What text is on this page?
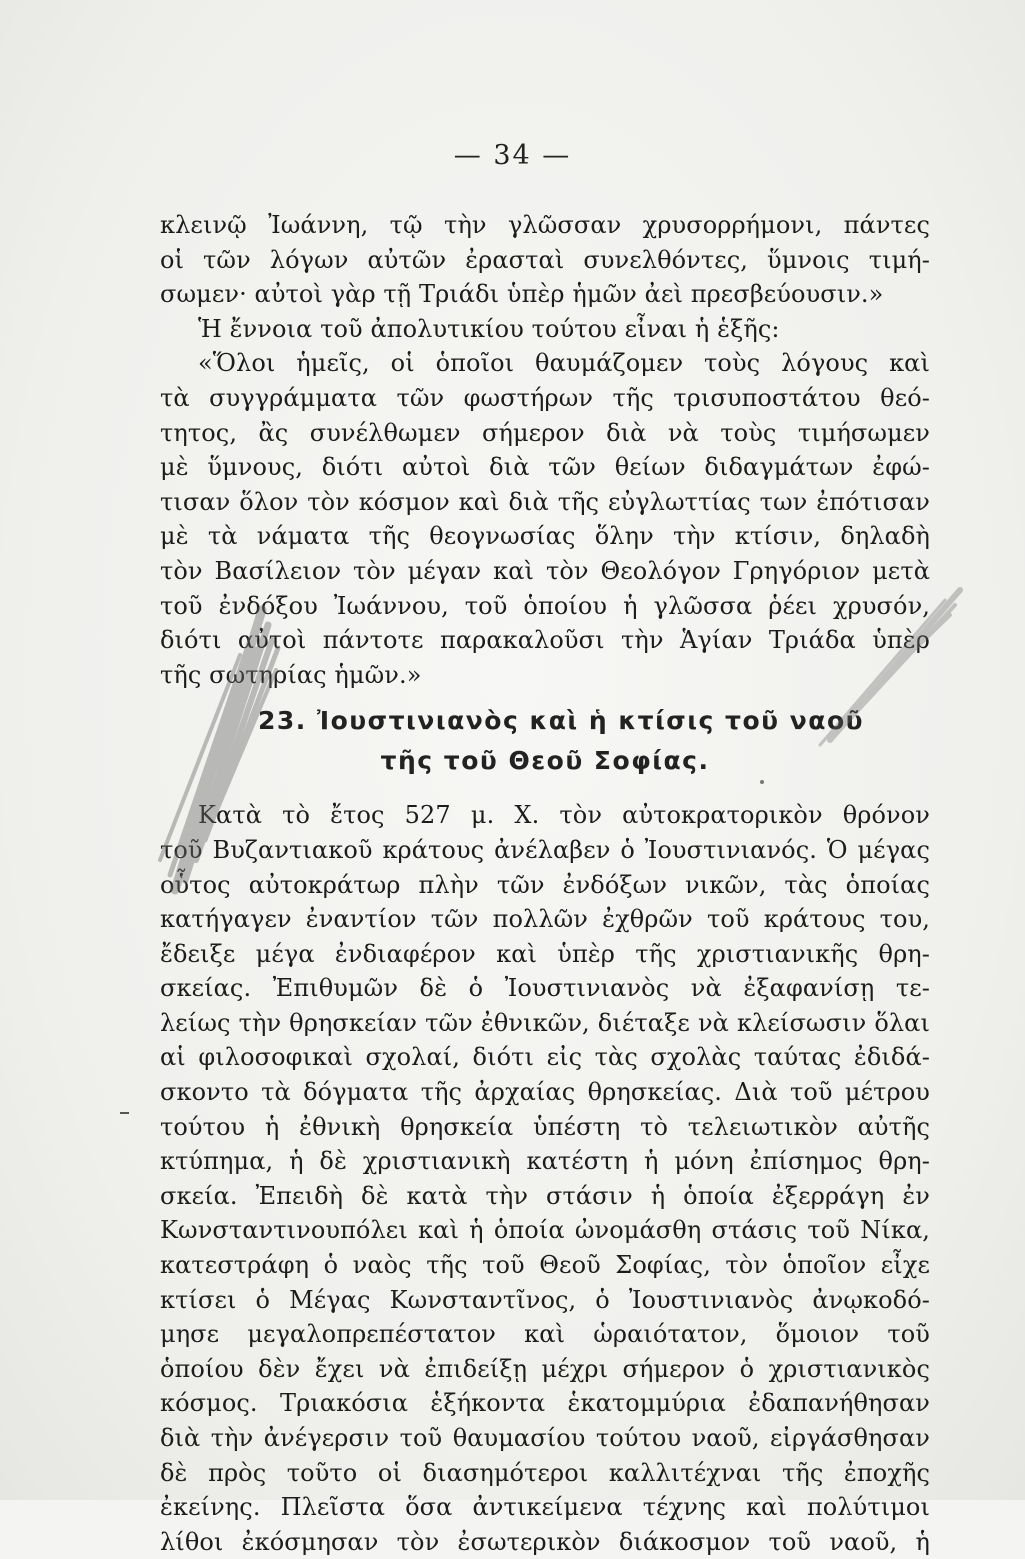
— 34 —
κλεινῷ Ἰωάννη, τῷ τὴν γλῶσσαν χρυσορρήμονι, πάντες
οἱ τῶν λόγων αὐτῶν ἐρασταὶ συνελθόντες, ὕμνοις τιμή-
σωμεν· αὐτοὶ γὰρ τῇ Τριάδι ὑπὲρ ἡμῶν ἀεὶ πρεσβεύουσιν.»
Ἡ ἔννοια τοῦ ἀπολυτικίου τούτου εἶναι ἡ ἑξῆς:
«Ὅλοι ἡμεῖς, οἱ ὁποῖοι θαυμάζομεν τοὺς λόγους καὶ
τὰ συγγράμματα τῶν φωστήρων τῆς τρισυποστάτου θεό-
τητος, ἂς συνέλθωμεν σήμερον διὰ νὰ τοὺς τιμήσωμεν
μὲ ὕμνους, διότι αὐτοὶ διὰ τῶν θείων διδαγμάτων ἐφώ-
τισαν ὅλον τὸν κόσμον καὶ διὰ τῆς εὐγλωττίας των ἐπότισαν
μὲ τὰ νάματα τῆς θεογνωσίας ὅλην τὴν κτίσιν, δηλαδὴ
τὸν Βασίλειον τὸν μέγαν καὶ τὸν Θεολόγον Γρηγόριον μετὰ
τοῦ ἐνδόξου Ἰωάννου, τοῦ ὁποίου ἡ γλῶσσα ῥέει χρυσόν,
διότι αὐτοὶ πάντοτε παρακαλοῦσι τὴν Ἁγίαν Τριάδα ὑπὲρ
τῆς σωτηρίας ἡμῶν.»
23. Ἰουστινιανὸς καὶ ἡ κτίσις τοῦ ναοῦ
τῆς τοῦ Θεοῦ Σοφίας.
Κατὰ τὸ ἔτος 527 μ. Χ. τὸν αὐτοκρατορικὸν θρόνον
τοῦ Βυζαντιακοῦ κράτους ἀνέλαβεν ὁ Ἰουστινιανός. Ὁ μέγας
οὗτος αὐτοκράτωρ πλὴν τῶν ἐνδόξων νικῶν, τὰς ὁποίας
κατήγαγεν ἐναντίον τῶν πολλῶν ἐχθρῶν τοῦ κράτους του,
ἔδειξε μέγα ἐνδιαφέρον καὶ ὑπὲρ τῆς χριστιανικῆς θρη-
σκείας. Ἐπιθυμῶν δὲ ὁ Ἰουστινιανὸς νὰ ἐξαφανίσῃ τε-
λείως τὴν θρησκείαν τῶν ἐθνικῶν, διέταξε νὰ κλείσωσιν ὅλαι
αἱ φιλοσοφικαὶ σχολαί, διότι εἰς τὰς σχολὰς ταύτας ἐδιδά-
σκοντο τὰ δόγματα τῆς ἀρχαίας θρησκείας. Διὰ τοῦ μέτρου
τούτου ἡ ἐθνικὴ θρησκεία ὑπέστη τὸ τελειωτικὸν αὐτῆς
κτύπημα, ἡ δὲ χριστιανικὴ κατέστη ἡ μόνη ἐπίσημος θρη-
σκεία. Ἐπειδὴ δὲ κατὰ τὴν στάσιν ἡ ὁποία ἐξερράγη ἐν
Κωνσταντινουπόλει καὶ ἡ ὁποία ὠνομάσθη στάσις τοῦ Νίκα,
κατεστράφη ὁ ναὸς τῆς τοῦ Θεοῦ Σοφίας, τὸν ὁποῖον εἶχε
κτίσει ὁ Μέγας Κωνσταντῖνος, ὁ Ἰουστινιανὸς ἀνῳκοδό-
μησε μεγαλοπρεπέστατον καὶ ὡραιότατον, ὅμοιον τοῦ
ὁποίου δὲν ἔχει νὰ ἐπιδείξῃ μέχρι σήμερον ὁ χριστιανικὸς
κόσμος. Τριακόσια ἑξήκοντα ἑκατομμύρια ἐδαπανήθησαν
διὰ τὴν ἀνέγερσιν τοῦ θαυμασίου τούτου ναοῦ, εἰργάσθησαν
δὲ πρὸς τοῦτο οἱ διασημότεροι καλλιτέχναι τῆς ἐποχῆς
ἐκείνης. Πλεῖστα ὅσα ἀντικείμενα τέχνης καὶ πολύτιμοι
λίθοι ἐκόσμησαν τὸν ἐσωτερικὸν διάκοσμον τοῦ ναοῦ, ἡ
